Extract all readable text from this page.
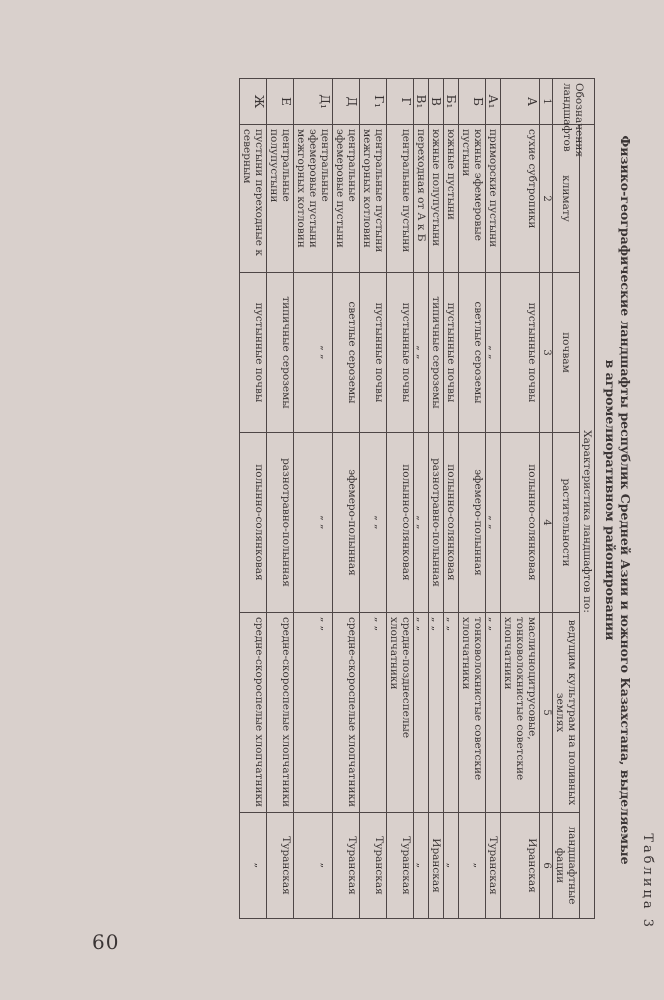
60
Таблица 3
Физико-географические ландшафты республик Средней Азии и южного Казахстана, выделяемые
в агромелиоративном районировании
Обозначения ландшафтов	Характеристика ландшафтов по:				
	климату	почвам	растительности	ведущим культурам на поливных землях	ландшафтные фации
1	2	3	4	5	6
А	сухие субтропики	пустынные почвы	полынно-солянковая	масличноцитрусовые, тонковолокнистые советские хлопчатники	Иранская
А₁	приморские пустыни	„ „	„ „	„ „	Туранская
Б	южные эфемеровые пустыни	светлые сероземы	эфемеро-полынная	тонковолокнистые советские хлопчатники	„
Б₁	южные пустыни	пустынные почвы	полынно-солянковая	„ „	„
В	южные полупустыни	типичные сероземы	разнотравно-полынная	„ „	Иранская
В₁	переходная от А к Б	„ „	„ „	„ „	„
Г	центральные пустыни	пустынные почвы	полынно-солянковая	средне-позднеспелые хлопчатники	Туранская
Г₁	центральные пустыни межгорных котловин	пустынные почвы	„ „	„ „	Туранская
Д	центральные эфемеровые пустыни	светлые сероземы	эфемеро-полынная	средне-скороспелые хлопчатники	Туранская
Д₁	центральные эфемеровые пустыни межгорных котловин	„ „	„ „	„ „	„
Е	центральные полупустыни	типичные сероземы	разнотравно-полынная	средне-скороспелые хлопчатники	Туранская
Ж	пустыни переходные к северным	пустынные почвы	полынно-солянковая	средне-скороспелые хлопчатники	„
